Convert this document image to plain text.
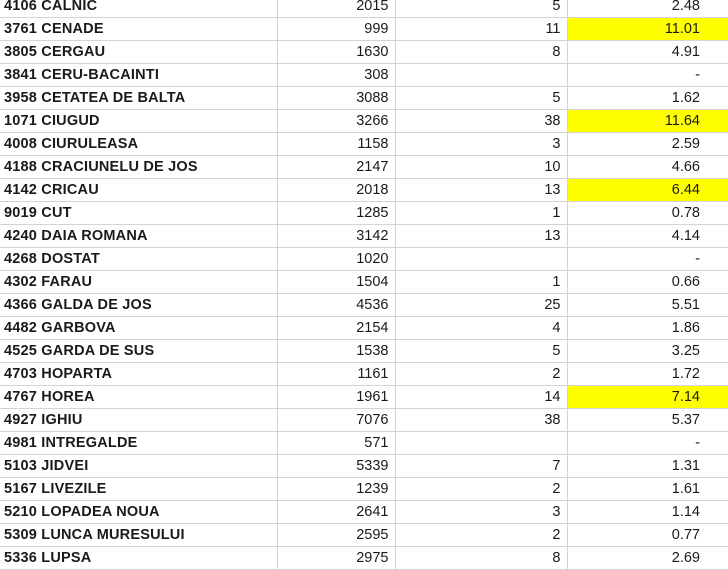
4106 CALNIC	2015	5	2.48
3761 CENADE	999	11	11.01
3805 CERGAU	1630	8	4.91
3841 CERU-BACAINTI	308		-
3958 CETATEA DE BALTA	3088	5	1.62
1071 CIUGUD	3266	38	11.64
4008 CIURULEASA	1158	3	2.59
4188 CRACIUNELU DE JOS	2147	10	4.66
4142 CRICAU	2018	13	6.44
9019 CUT	1285	1	0.78
4240 DAIA ROMANA	3142	13	4.14
4268 DOSTAT	1020		-
4302 FARAU	1504	1	0.66
4366 GALDA DE JOS	4536	25	5.51
4482 GARBOVA	2154	4	1.86
4525 GARDA DE SUS	1538	5	3.25
4703 HOPARTA	1161	2	1.72
4767 HOREA	1961	14	7.14
4927 IGHIU	7076	38	5.37
4981 INTREGALDE	571		-
5103 JIDVEI	5339	7	1.31
5167 LIVEZILE	1239	2	1.61
5210 LOPADEA NOUA	2641	3	1.14
5309 LUNCA MURESULUI	2595	2	0.77
5336 LUPSA	2975	8	2.69
